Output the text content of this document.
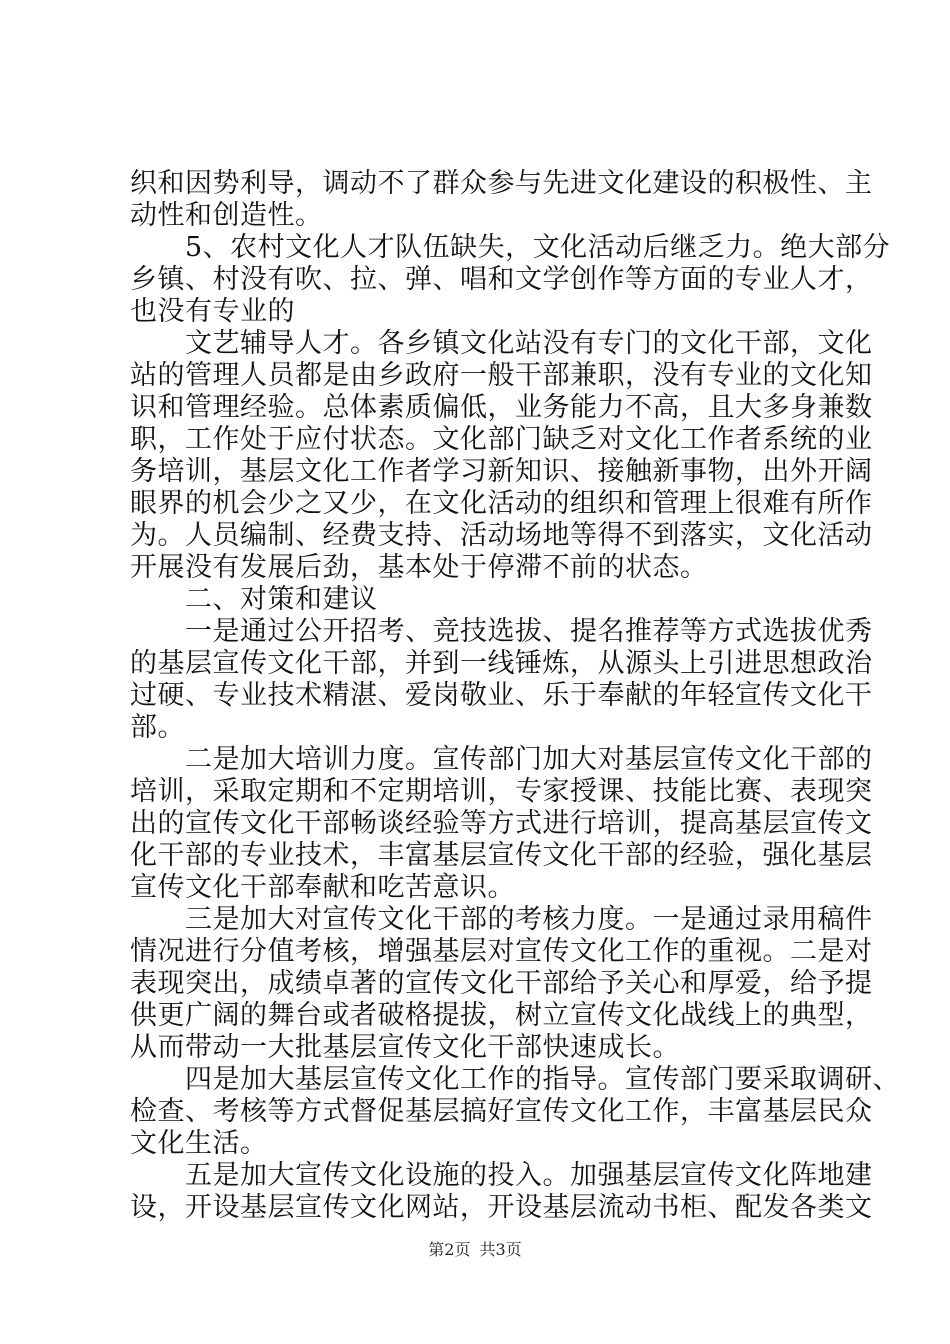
织和因势利导，调动不了群众参与先进文化建设的积极性、主
动性和创造性。
　　5、农村文化人才队伍缺失，文化活动后继乏力。绝大部分
乡镇、村没有吹、拉、弹、唱和文学创作等方面的专业人才，
也没有专业的
　　文艺辅导人才。各乡镇文化站没有专门的文化干部，文化
站的管理人员都是由乡政府一般干部兼职，没有专业的文化知
识和管理经验。总体素质偏低，业务能力不高，且大多身兼数
职，工作处于应付状态。文化部门缺乏对文化工作者系统的业
务培训，基层文化工作者学习新知识、接触新事物，出外开阔
眼界的机会少之又少，在文化活动的组织和管理上很难有所作
为。人员编制、经费支持、活动场地等得不到落实，文化活动
开展没有发展后劲，基本处于停滞不前的状态。
　　二、对策和建议
　　一是通过公开招考、竞技选拔、提名推荐等方式选拔优秀
的基层宣传文化干部，并到一线锤炼，从源头上引进思想政治
过硬、专业技术精湛、爱岗敬业、乐于奉献的年轻宣传文化干
部。
　　二是加大培训力度。宣传部门加大对基层宣传文化干部的
培训，采取定期和不定期培训，专家授课、技能比赛、表现突
出的宣传文化干部畅谈经验等方式进行培训，提高基层宣传文
化干部的专业技术，丰富基层宣传文化干部的经验，强化基层
宣传文化干部奉献和吃苦意识。
　　三是加大对宣传文化干部的考核力度。一是通过录用稿件
情况进行分值考核，增强基层对宣传文化工作的重视。二是对
表现突出，成绩卓著的宣传文化干部给予关心和厚爱，给予提
供更广阔的舞台或者破格提拔，树立宣传文化战线上的典型，
从而带动一大批基层宣传文化干部快速成长。
　　四是加大基层宣传文化工作的指导。宣传部门要采取调研、
检查、考核等方式督促基层搞好宣传文化工作，丰富基层民众
文化生活。
　　五是加大宣传文化设施的投入。加强基层宣传文化阵地建
设，开设基层宣传文化网站，开设基层流动书柜、配发各类文
第2页 共3页
